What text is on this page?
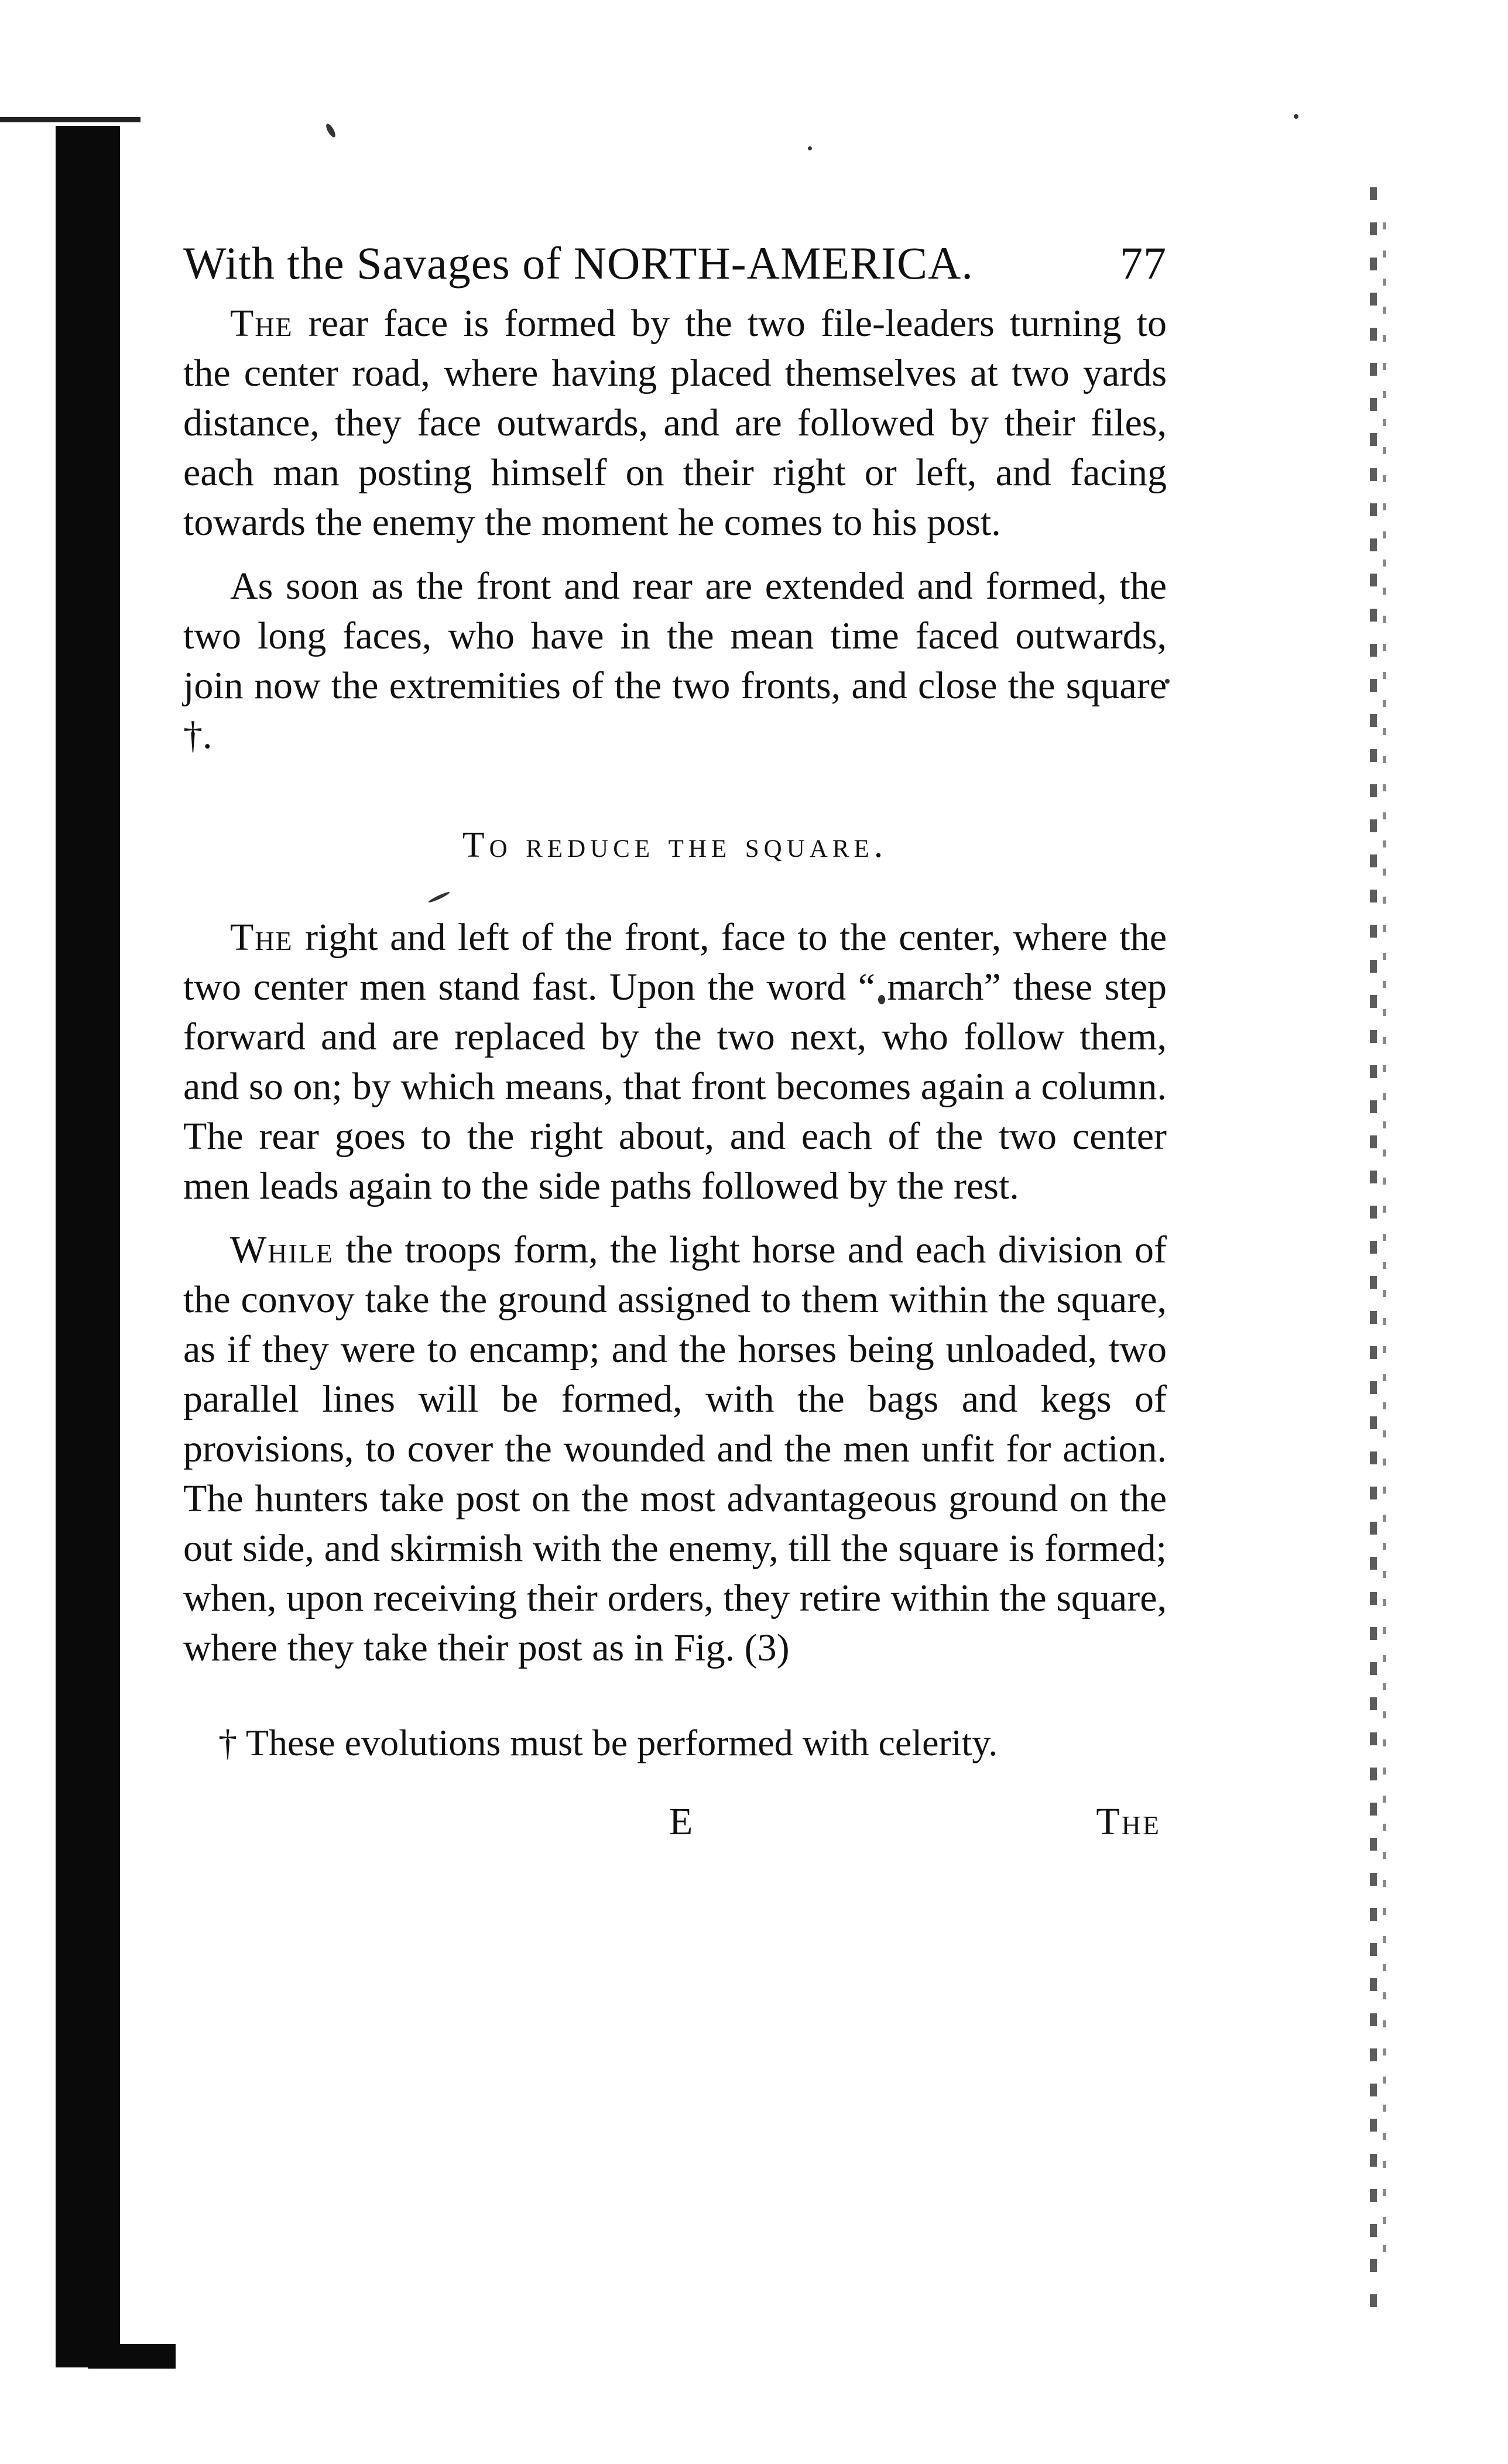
With the Savages of NORTH-AMERICA.	77

The rear face is formed by the two file-leaders turning to the center road, where having placed themselves at two yards distance, they face outwards, and are followed by their files, each man posting himself on their right or left, and facing towards the enemy the moment he comes to his post.

As soon as the front and rear are extended and formed, the two long faces, who have in the mean time faced outwards, join now the extremities of the two fronts, and close the square †.

To reduce the square.

The right and left of the front, face to the center, where the two center men stand fast. Upon the word “ march” these step forward and are replaced by the two next, who follow them, and so on; by which means, that front becomes again a column. The rear goes to the right about, and each of the two center men leads again to the side paths followed by the rest.

While the troops form, the light horse and each division of the convoy take the ground assigned to them within the square, as if they were to encamp; and the horses being unloaded, two parallel lines will be formed, with the bags and kegs of provisions, to cover the wounded and the men unfit for action. The hunters take post on the most advantageous ground on the out side, and skirmish with the enemy, till the square is formed; when, upon receiving their orders, they retire within the square, where they take their post as in Fig. (3)

† These evolutions must be performed with celerity.
E	The
